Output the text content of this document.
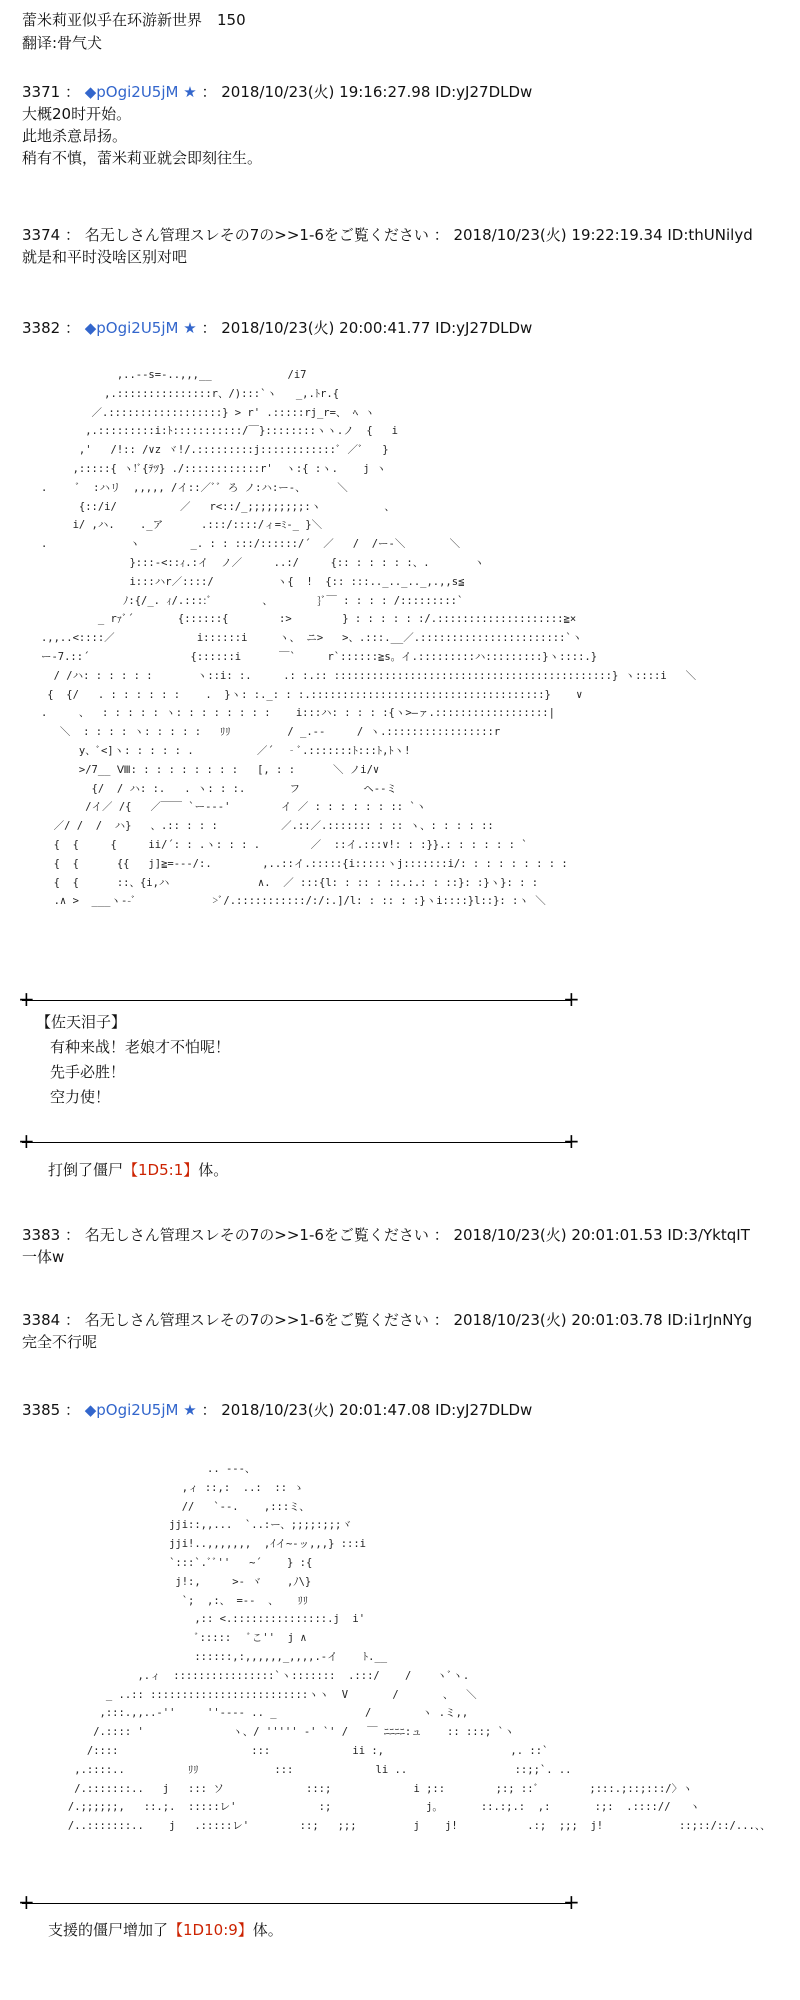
蕾米莉亚似乎在环游新世界　150
翻译:骨气犬
3371 ： ◆pOgi2U5jM ★ ： 2018/10/23(火) 19:16:27.98 ID:yJ27DLDw
大概20时开始。
此地杀意昂扬。
稍有不慎，蕾米莉亚就会即刻往生。
3374 ： 名无しさん管理スレその7の>>1-6をご覧ください ： 2018/10/23(火) 19:22:19.34 ID:thUNilyd
就是和平时没啥区别对吧
3382 ： ◆pOgi2U5jM ★ ： 2018/10/23(火) 20:00:41.77 ID:yJ27DLDw
,..-‐s=-..,,,__            /i7
,.:::::::::::::::r、/):::`ヽ   _,.ﾄr.{
／.::::::::::::::::::} > r' .:::::rj_r=、 ﾍ ヽ
,.:::::::::i:ﾄ:::::::::::/￣}::::::::ヽヽ.ノ  {   i
,'   /!:: /∨z ヾ!/.:::::::::j::::::::::::ﾞ ／ﾞ   }
,:::::{ ヽ!ﾞ{ﾃﾂ} ./::::::::::::r'  ヽ:{ :ヽ.    j ヽ
.     ﾞ  :ハリ  ,,,,, /イ::／ﾞﾞ ろ ノ:ハ:ー-、     ＼
{::/i/          ／   r<::/_;;;;;;;;;:ヽ          、
i/ ,ハ.    ._ア      .:::/::::/ィ=ﾐ‐_ }＼
.             ヽ        _. : : :::/::::::/´  ／   /  /ー‐＼       ＼
}:::‐<::ｨ.:イ  ノ／     ..:/     {:: : : : : :、.       ヽ
i:::ハr／::::/          ヽ{  !  {:: :::.._.._.._,.,,s≦
ﾉ:{/_. ｨ/.::::ﾞ        、       }ﾞ￣ : : : : /:::::::::`
_ rｧﾞ´       {::::::{        :>        } : : : : : :/.::::::::::::::::::::≧×
.,,..<::::／             i::::::i     ヽ、 ニ>   >、.:::.__／.:::::::::::::::::::::::`ヽ
ー‐7.::´                {::::::i      ￣`     r`::::::≧s。イ.:::::::::ハ:::::::::}ヽ::::.}
/ /ハ: : : : : :       ヽ::i: :.     .: :.:: ::::::::::::::::::::::::::::::::::::::::::::} ヽ::::i   ＼
{  {/   . : : : : : :    .  }ヽ: :._: : :.:::::::::::::::::::::::::::::::::::::}    ∨
.     、  : : : : : ヽ: : : : : : : :    i:::ハ: : : : :{ヽ>―ァ.::::::::::::::::::|
＼  : : : : ヽ: : : : :   ﾘﾘ         / _.-‐     / ヽ.:::::::::::::::::r
y、ﾞ<]ヽ: : : : : .          ／´  ‐ﾞ.:::::::ﾄ:::ﾄ,ﾄヽ!
>/7__ Ⅷ: : : : : : : : :   [, : :      ＼ ノi/∨
{/  / ハ: :.   . ヽ: : :.       フ          ヘ‐-ミ
/イ／ /{   ／￣￣ `ー---'        イ ／ : : : : : : :: `ヽ
／/ /  /  ハ}   、.:: : : :          ／.::／.::::::: : :: ヽ、: : : : ::
{  {     {     ii/´: : .ヽ: : : .        ／  ::イ.:::∨!: : :}}.: : : : : : `
{  {      {{   j]≧=---/:.        ,..::イ.:::::{i:::::ヽj:::::::i/: : : : : : : : :
{  {      ::、{i,ハ              ∧.  ／ :::{l: : :: : ::.:.: : ::}: :}ヽ}: : :
.∧ >  ___ヽ--ﾞ            >ﾞ/.:::::::::::/:/:.]/l: : :: : :}ヽi::::}l::}: :ヽ ＼
+	+
【佐天泪子】
有种来战！老娘才不怕呢！
先手必胜！
空力使！
+	+
打倒了僵尸【1D5:1】体。
3383 ： 名无しさん管理スレその7の>>1-6をご覧ください ： 2018/10/23(火) 20:01:01.53 ID:3/YktqIT
一体w
3384 ： 名无しさん管理スレその7の>>1-6をご覧ください ： 2018/10/23(火) 20:01:03.78 ID:i1rJnNYg
完全不行呢
3385 ： ◆pOgi2U5jM ★ ： 2018/10/23(火) 20:01:47.08 ID:yJ27DLDw
.. -‐-、
,ィ ::,:  ..:  :: ゝ
//   `‐-.    ,:::ミ、
jji::,,...  `..:ー、;;;;:;;;ヾ
jji!..,,,,,,,  ,ｲイ~-ッ,,,} :::i
`:::`.ﾞﾞ''   ~´    } :{
j!:,     >- ヾ    ,ﾉ\}
`;  ,:、 =-‐  、   ﾘﾘ
,:: <.:::::::::::::::.j  i'
ﾞ:::::   ﾞこ''  j ∧
::::::,:,,,,,,_,,,,.-イ    ﾄ.__
,.ィ  ::::::::::::::::`ヽ:::::::  .:::/    /    ヽﾞヽ.
_ ..:: :::::::::::::::::::::::::ヽヽ  V       /       、  ＼
,:::.,,..-''     ''‐--- .. _              /        ヽ .ミ,,
/.:::: '              ヽ、/ ''''' ‐' `' /   ￣ ﾆﾆﾆﾆ:ュ    :: :::; `ヽ
/::::                     :::             ii :,                    ,. ::`
,.::::..          ﾘﾘ            :::             li ..                 ::;;`. ..
/.:::::::..   j   ::: ソ             :::;             i ;::        ;:; ::ﾞ        ;:::.;::;:::/〉ヽ
/.;;;;;;,   ::.;.  :::::レ'             :;               j。      ::.:;.:  ,:       :;:  .:::://   ヽ
/..:::::::..    j   .:::::レ'        ::;   ;;;         j    j!           .:;  ;;;  j!            ::;::/::/...、、
+	+
支援的僵尸增加了【1D10:9】体。
